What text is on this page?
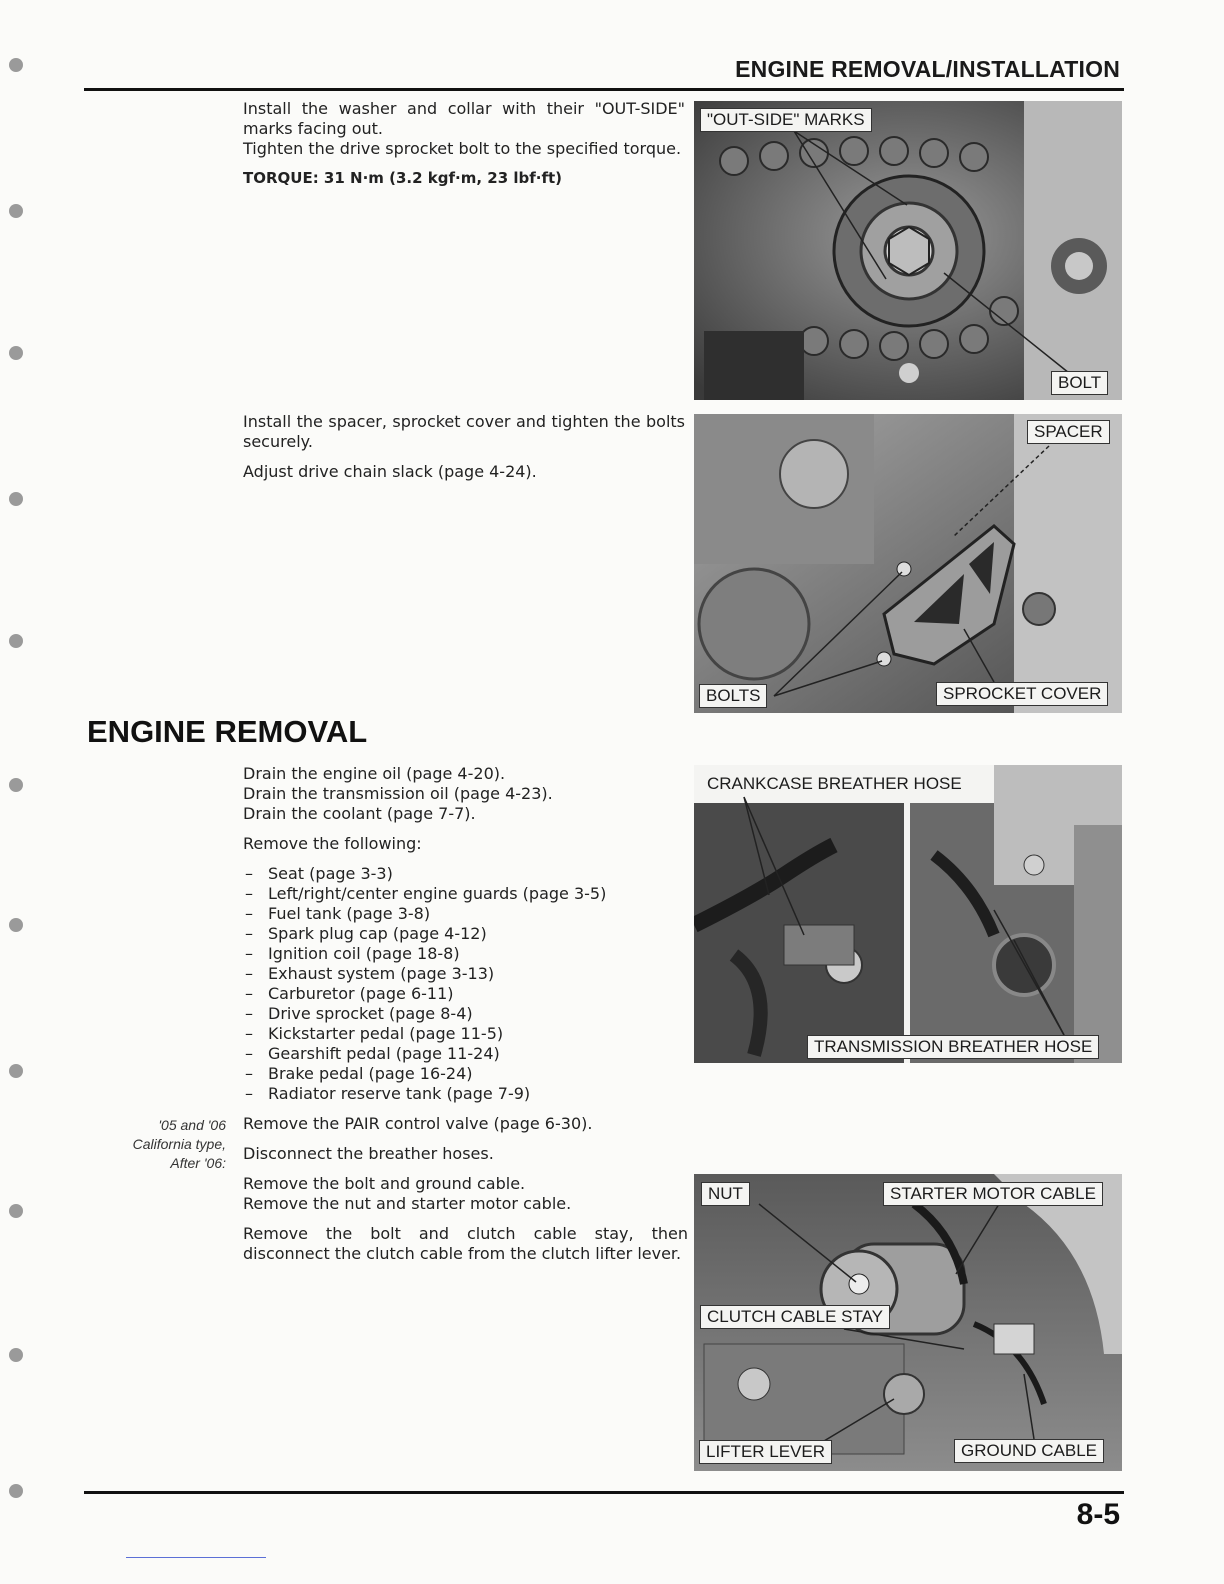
ENGINE REMOVAL/INSTALLATION

Install the washer and collar with their "OUT-SIDE" marks facing out.

Tighten the drive sprocket bolt to the specified torque.

TORQUE: 31 N·m (3.2 kgf·m, 23 lbf·ft)

Install the spacer, sprocket cover and tighten the bolts securely.

Adjust drive chain slack (page 4-24).

ENGINE REMOVAL

Drain the engine oil (page 4-20).

Drain the transmission oil (page 4-23).

Drain the coolant (page 7-7).

Remove the following:

– Seat (page 3-3)
– Left/right/center engine guards (page 3-5)
– Fuel tank (page 3-8)
– Spark plug cap (page 4-12)
– Ignition coil (page 18-8)
– Exhaust system (page 3-13)
– Carburetor (page 6-11)
– Drive sprocket (page 8-4)
– Kickstarter pedal (page 11-5)
– Gearshift pedal (page 11-24)
– Brake pedal (page 16-24)
– Radiator reserve tank (page 7-9)

Remove the PAIR control valve (page 6-30).

Disconnect the breather hoses.

Remove the bolt and ground cable.

Remove the nut and starter motor cable.

Remove the bolt and clutch cable stay, then disconnect the clutch cable from the clutch lifter lever.

'05 and '06
California type,
After '06:
"OUT-SIDE" MARKS
BOLT
SPACER
BOLTS	SPROCKET COVER
CRANKCASE BREATHER HOSE
TRANSMISSION BREATHER HOSE
NUT	STARTER MOTOR CABLE
CLUTCH CABLE STAY
LIFTER LEVER	GROUND CABLE
8-5
